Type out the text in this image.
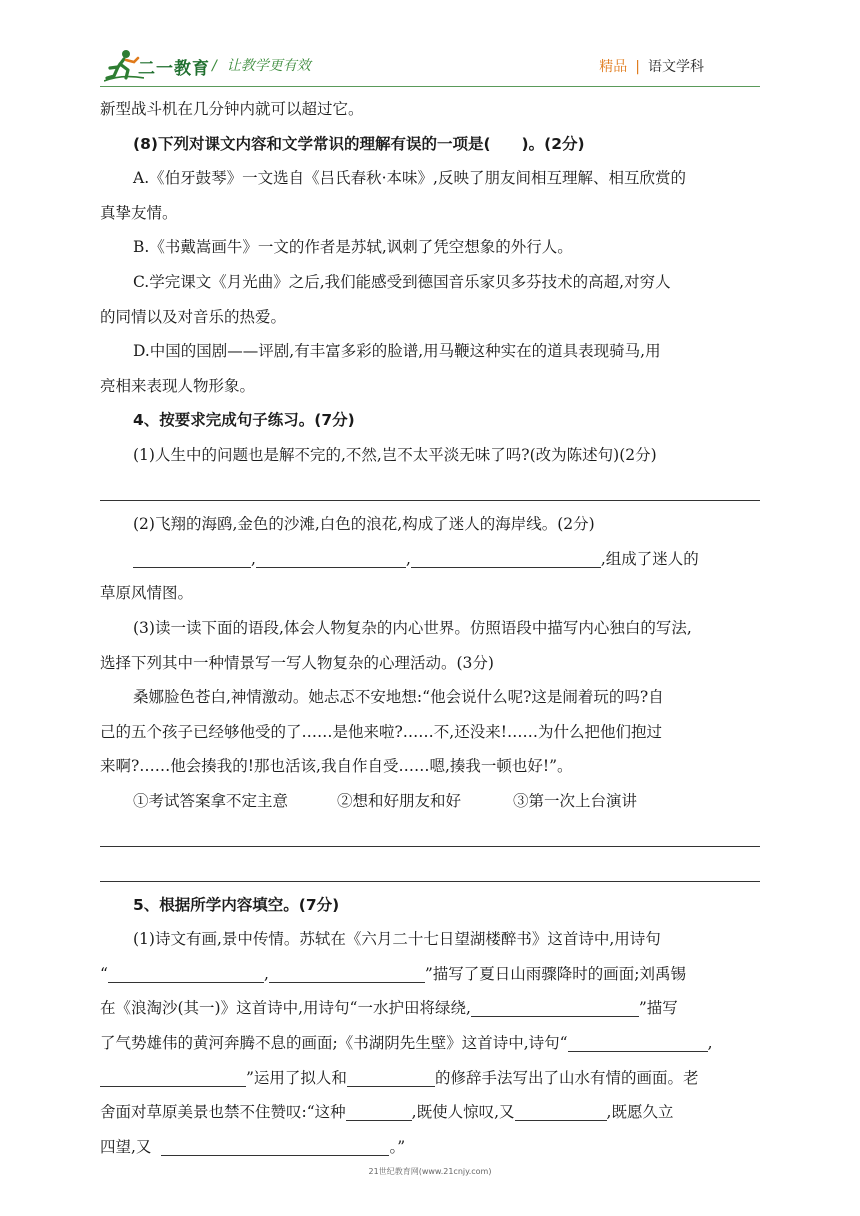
二一教育 / 让教学更有效	精品 | 语文学科
新型战斗机在几分钟内就可以超过它。
(8)下列对课文内容和文学常识的理解有误的一项是(　　)。(2分)
A.《伯牙鼓琴》一文选自《吕氏春秋·本味》,反映了朋友间相互理解、相互欣赏的
真挚友情。
B.《书戴嵩画牛》一文的作者是苏轼,讽刺了凭空想象的外行人。
C.学完课文《月光曲》之后,我们能感受到德国音乐家贝多芬技术的高超,对穷人
的同情以及对音乐的热爱。
D.中国的国剧——评剧,有丰富多彩的脸谱,用马鞭这种实在的道具表现骑马,用
亮相来表现人物形象。
4、按要求完成句子练习。(7分)
(1)人生中的问题也是解不完的,不然,岂不太平淡无味了吗?(改为陈述句)(2分)
(2)飞翔的海鸥,金色的沙滩,白色的浪花,构成了迷人的海岸线。(2分)
,	,	,组成了迷人的
草原风情图。
(3)读一读下面的语段,体会人物复杂的内心世界。仿照语段中描写内心独白的写法,
选择下列其中一种情景写一写人物复杂的心理活动。(3分)
桑娜脸色苍白,神情激动。她忐忑不安地想:“他会说什么呢?这是闹着玩的吗?自
己的五个孩子已经够他受的了……是他来啦?……不,还没来!……为什么把他们抱过
来啊?……他会揍我的!那也活该,我自作自受……嗯,揍我一顿也好!”。
①考试答案拿不定主意	②想和好朋友和好	③第一次上台演讲
5、根据所学内容填空。(7分)
(1)诗文有画,景中传情。苏轼在《六月二十七日望湖楼醉书》这首诗中,用诗句
“	,	”描写了夏日山雨骤降时的画面;刘禹锡
在《浪淘沙(其一)》这首诗中,用诗句“一水护田将绿绕,	”描写
了气势雄伟的黄河奔腾不息的画面;《书湖阴先生壁》这首诗中,诗句“	,
”运用了拟人和	的修辞手法写出了山水有情的画面。老
舍面对草原美景也禁不住赞叹:“这种	,既使人惊叹,又	,既愿久立
四望,又	。”
21世纪教育网(www.21cnjy.com)
